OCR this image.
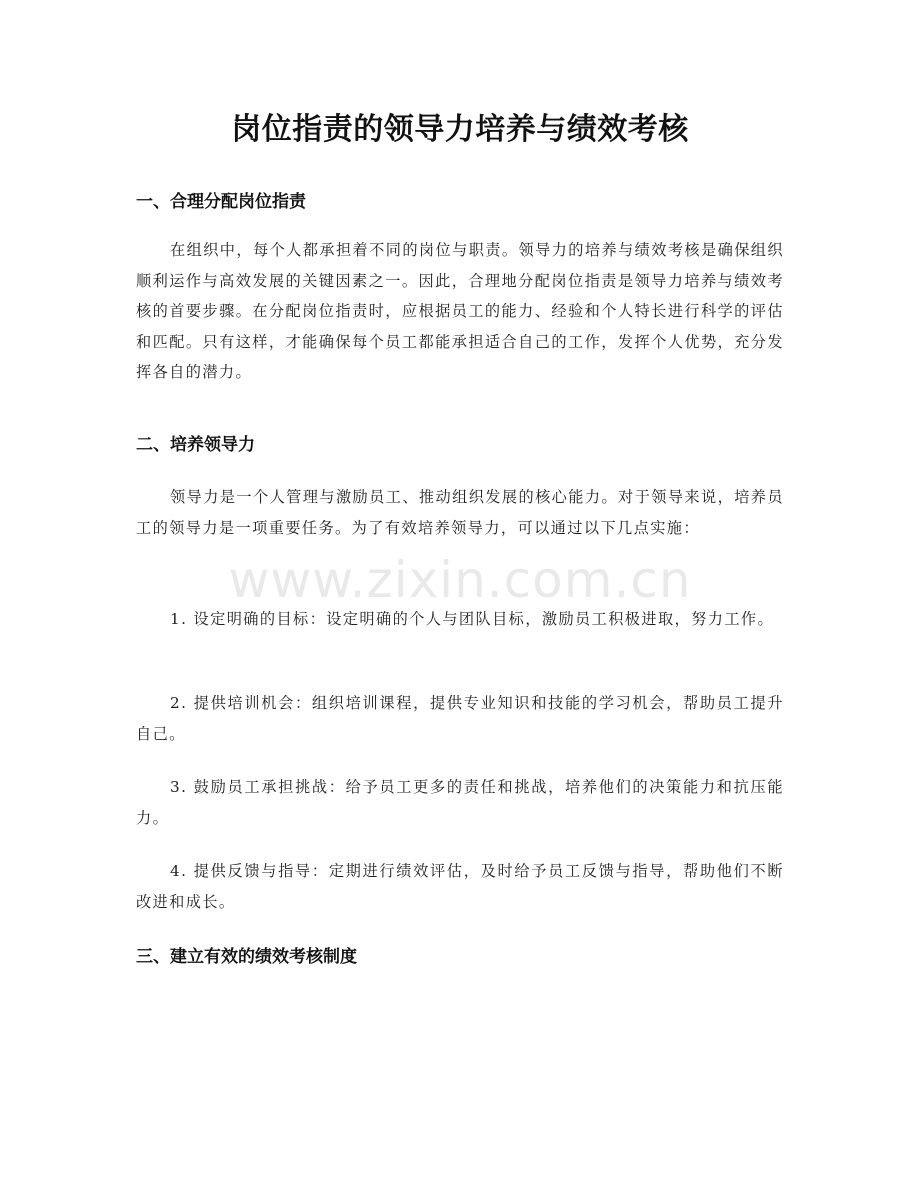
岗位指责的领导力培养与绩效考核
一、合理分配岗位指责

在组织中，每个人都承担着不同的岗位与职责。领导力的培养与绩效考核是确保组织顺利运作与高效发展的关键因素之一。因此，合理地分配岗位指责是领导力培养与绩效考核的首要步骤。在分配岗位指责时，应根据员工的能力、经验和个人特长进行科学的评估和匹配。只有这样，才能确保每个员工都能承担适合自己的工作，发挥个人优势，充分发挥各自的潜力。

二、培养领导力

领导力是一个人管理与激励员工、推动组织发展的核心能力。对于领导来说，培养员工的领导力是一项重要任务。为了有效培养领导力，可以通过以下几点实施：

1. 设定明确的目标：设定明确的个人与团队目标，激励员工积极进取，努力工作。

2. 提供培训机会：组织培训课程，提供专业知识和技能的学习机会，帮助员工提升自己。

3. 鼓励员工承担挑战：给予员工更多的责任和挑战，培养他们的决策能力和抗压能力。

4. 提供反馈与指导：定期进行绩效评估，及时给予员工反馈与指导，帮助他们不断改进和成长。

三、建立有效的绩效考核制度
www.zixin.com.cn
